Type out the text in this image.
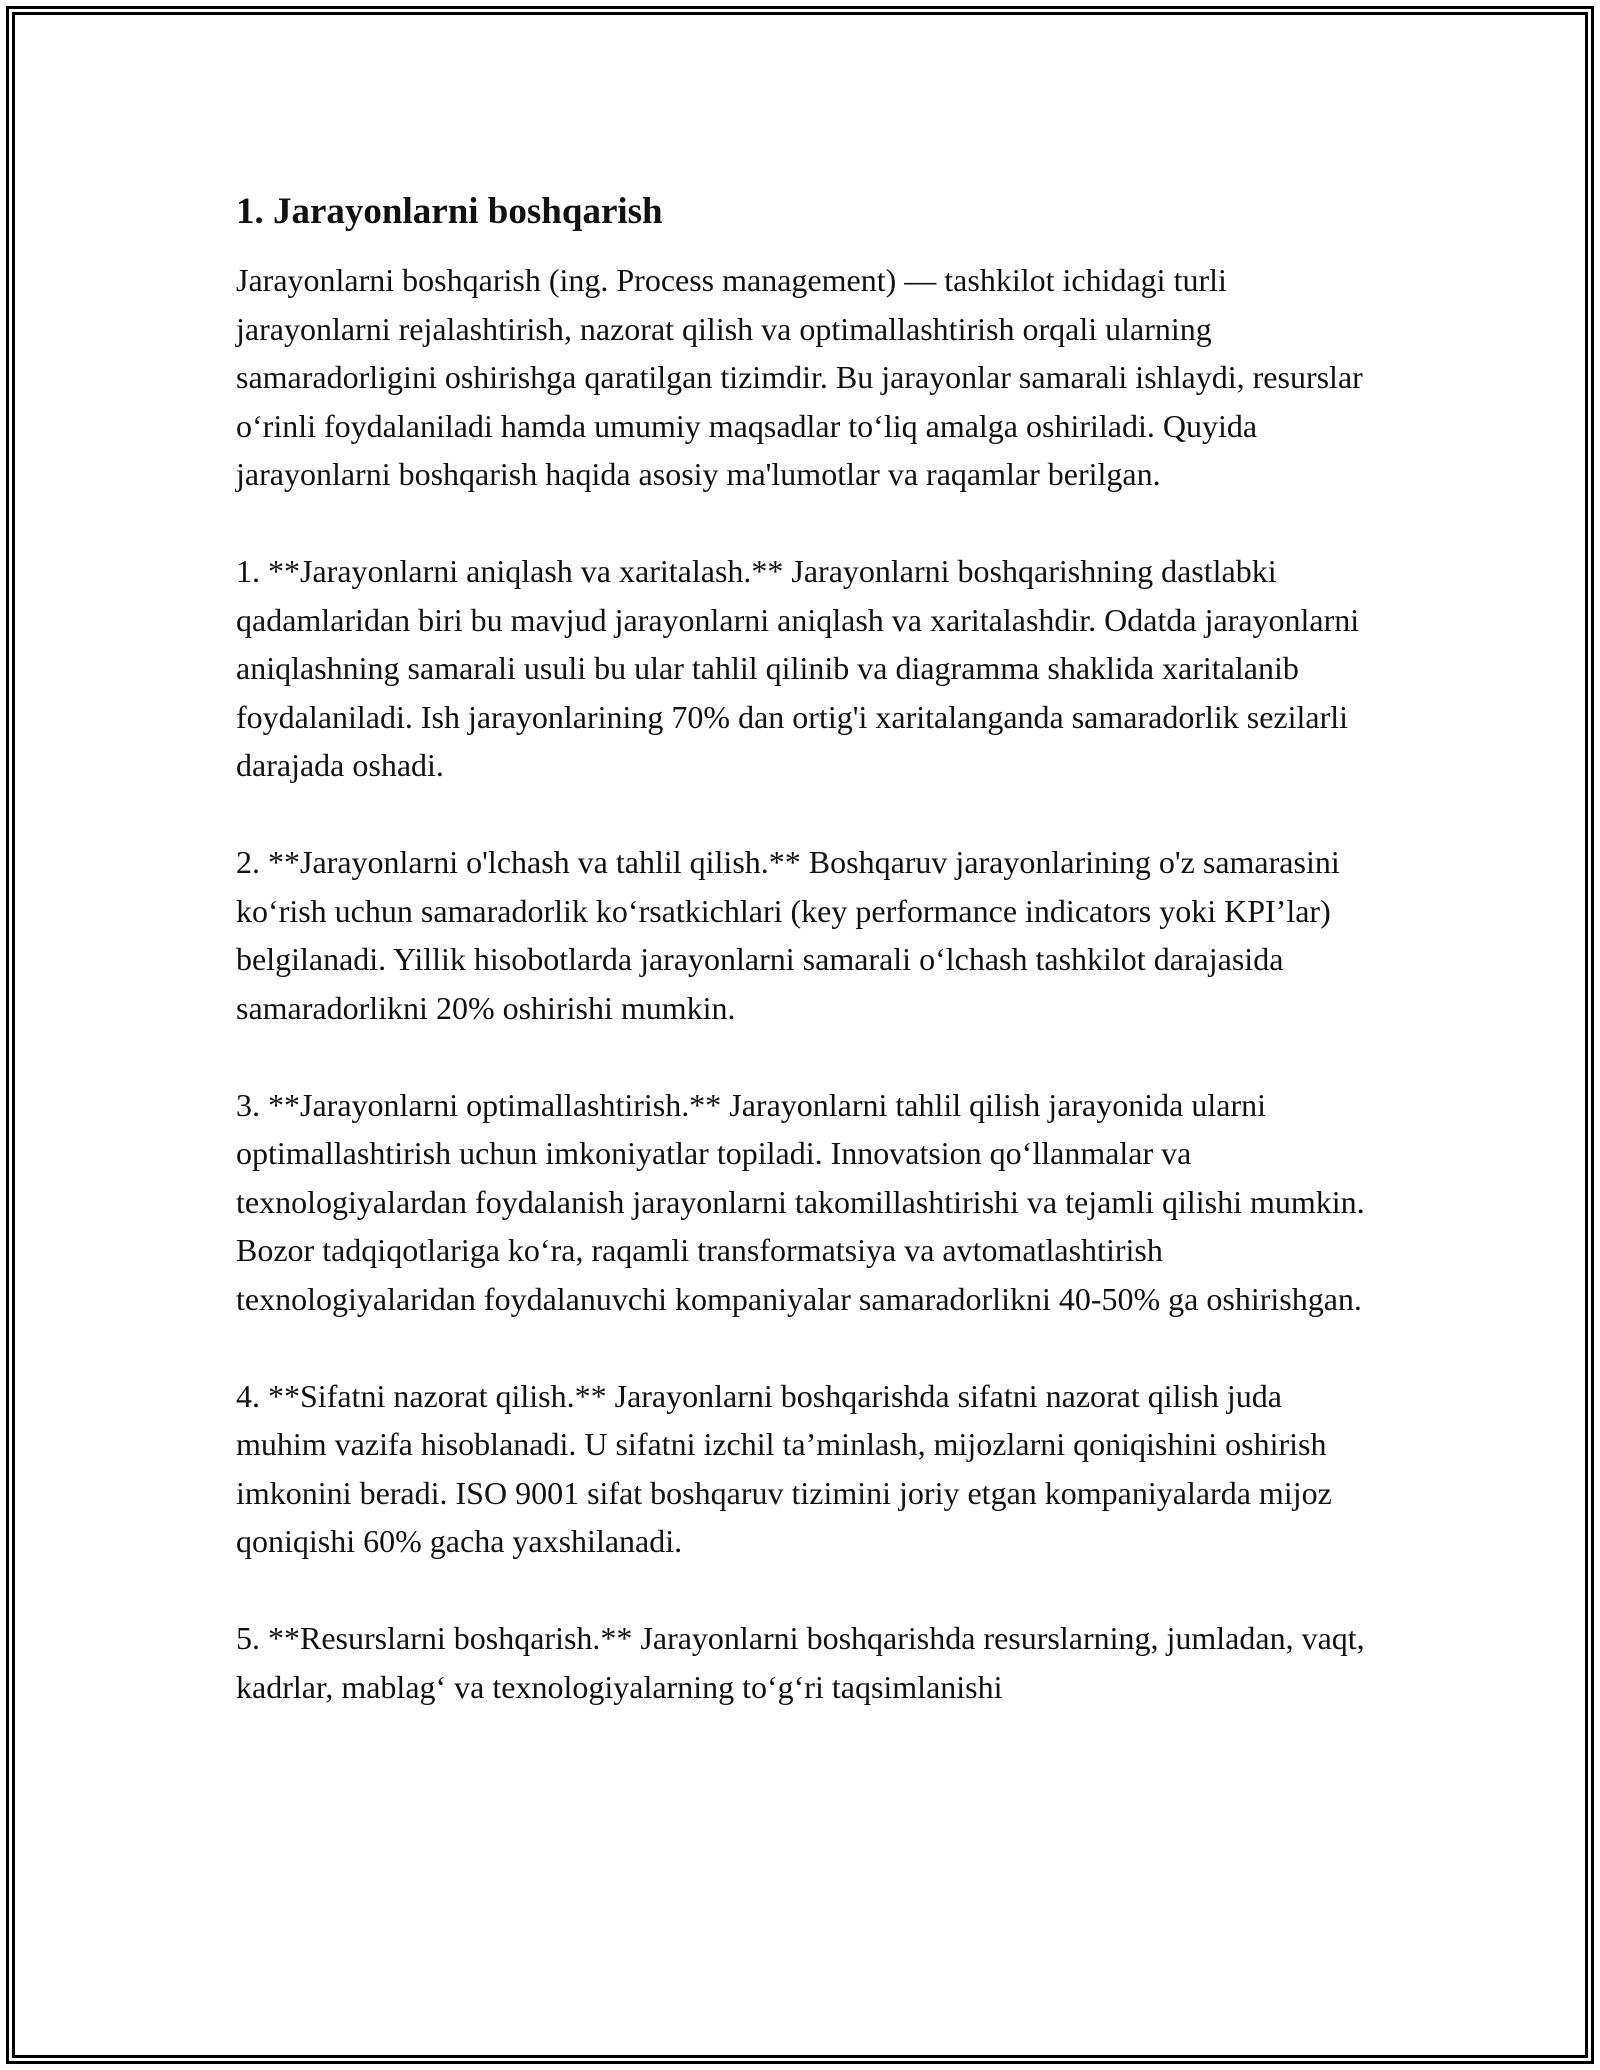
1. Jarayonlarni boshqarish

Jarayonlarni boshqarish (ing. Process management) — tashkilot ichidagi turli jarayonlarni rejalashtirish, nazorat qilish va optimallashtirish orqali ularning samaradorligini oshirishga qaratilgan tizimdir. Bu jarayonlar samarali ishlaydi, resurslar o‘rinli foydalaniladi hamda umumiy maqsadlar to‘liq amalga oshiriladi. Quyida jarayonlarni boshqarish haqida asosiy ma'lumotlar va raqamlar berilgan.

1. **Jarayonlarni aniqlash va xaritalash.** Jarayonlarni boshqarishning dastlabki qadamlaridan biri bu mavjud jarayonlarni aniqlash va xaritalashdir. Odatda jarayonlarni aniqlashning samarali usuli bu ular tahlil qilinib va diagramma shaklida xaritalanib foydalaniladi. Ish jarayonlarining 70% dan ortig'i xaritalanganda samaradorlik sezilarli darajada oshadi.

2. **Jarayonlarni o'lchash va tahlil qilish.** Boshqaruv jarayonlarining o'z samarasini ko‘rish uchun samaradorlik ko‘rsatkichlari (key performance indicators yoki KPI’lar) belgilanadi. Yillik hisobotlarda jarayonlarni samarali o‘lchash tashkilot darajasida samaradorlikni 20% oshirishi mumkin.

3. **Jarayonlarni optimallashtirish.** Jarayonlarni tahlil qilish jarayonida ularni optimallashtirish uchun imkoniyatlar topiladi. Innovatsion qo‘llanmalar va texnologiyalardan foydalanish jarayonlarni takomillashtirishi va tejamli qilishi mumkin. Bozor tadqiqotlariga ko‘ra, raqamli transformatsiya va avtomatlashtirish texnologiyalaridan foydalanuvchi kompaniyalar samaradorlikni 40-50% ga oshirishgan.

4. **Sifatni nazorat qilish.** Jarayonlarni boshqarishda sifatni nazorat qilish juda muhim vazifa hisoblanadi. U sifatni izchil ta’minlash, mijozlarni qoniqishini oshirish imkonini beradi. ISO 9001 sifat boshqaruv tizimini joriy etgan kompaniyalarda mijoz qoniqishi 60% gacha yaxshilanadi.

5. **Resurslarni boshqarish.** Jarayonlarni boshqarishda resurslarning, jumladan, vaqt, kadrlar, mablag‘ va texnologiyalarning to‘g‘ri taqsimlanishi
